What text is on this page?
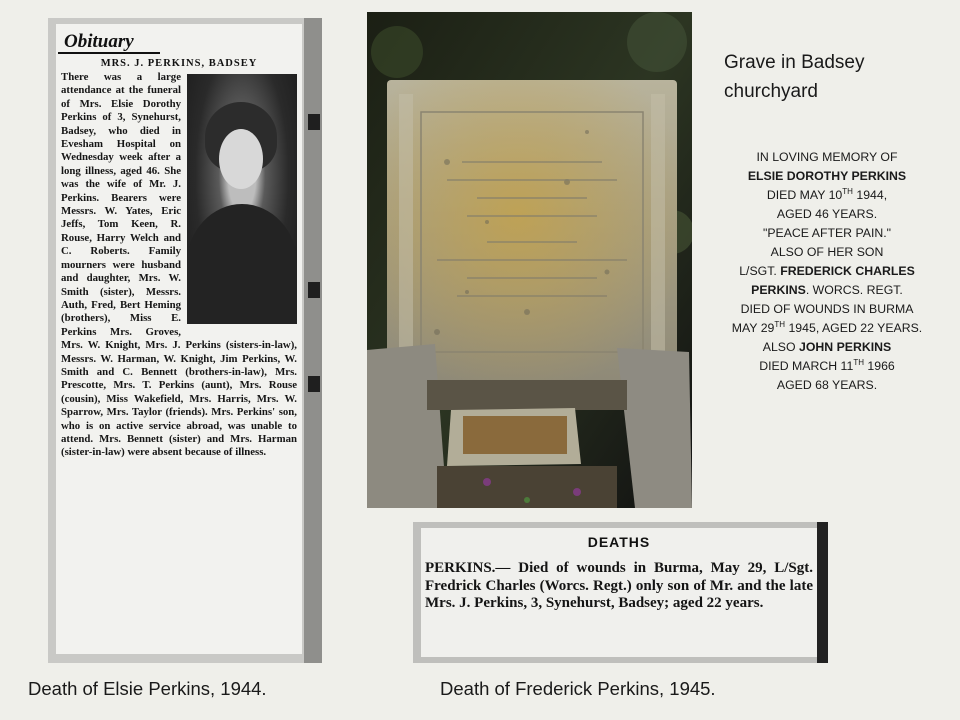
Obituary
MRS. J. PERKINS, BADSEY
There was a large attendance at the funeral of Mrs. Elsie Dorothy Perkins of 3, Synehurst, Badsey, who died in Evesham Hospital on Wednesday week after a long illness, aged 46. She was the wife of Mr. J. Perkins. Bearers were Messrs. W. Yates, Eric Jeffs, Tom Keen, R. Rouse, Harry Welch and C. Roberts. Family mourners were husband and daughter, Mrs. W. Smith (sister), Messrs. Auth, Fred, Bert Heming (brothers), Miss E. Perkins Mrs. Groves, Mrs. W. Knight, Mrs. J. Perkins (sisters-in-law), Messrs. W. Harman, W. Knight, Jim Perkins, W. Smith and C. Bennett (brothers-in-law), Mrs. Prescotte, Mrs. T. Perkins (aunt), Mrs. Rouse (cousin), Miss Wakefield, Mrs. Harris, Mrs. W. Sparrow, Mrs. Taylor (friends). Mrs. Perkins' son, who is on active service abroad, was unable to attend. Mrs. Bennett (sister) and Mrs. Harman (sister-in-law) were absent because of illness.
Grave in Badsey
churchyard
IN LOVING MEMORY OF
ELSIE DOROTHY PERKINS
DIED MAY 10TH 1944,
AGED 46 YEARS.
"PEACE AFTER PAIN."
ALSO OF HER SON
L/SGT. FREDERICK CHARLES
PERKINS. WORCS. REGT.
DIED OF WOUNDS IN BURMA
MAY 29TH 1945, AGED 22 YEARS.
ALSO JOHN PERKINS
DIED MARCH 11TH 1966
AGED 68 YEARS.
DEATHS
PERKINS.— Died of wounds in Burma, May 29, L/Sgt. Fredrick Charles (Worcs. Regt.) only son of Mr. and the late Mrs. J. Perkins, 3, Synehurst, Badsey; aged 22 years.
Death of Elsie Perkins, 1944.	Death of Frederick Perkins, 1945.
